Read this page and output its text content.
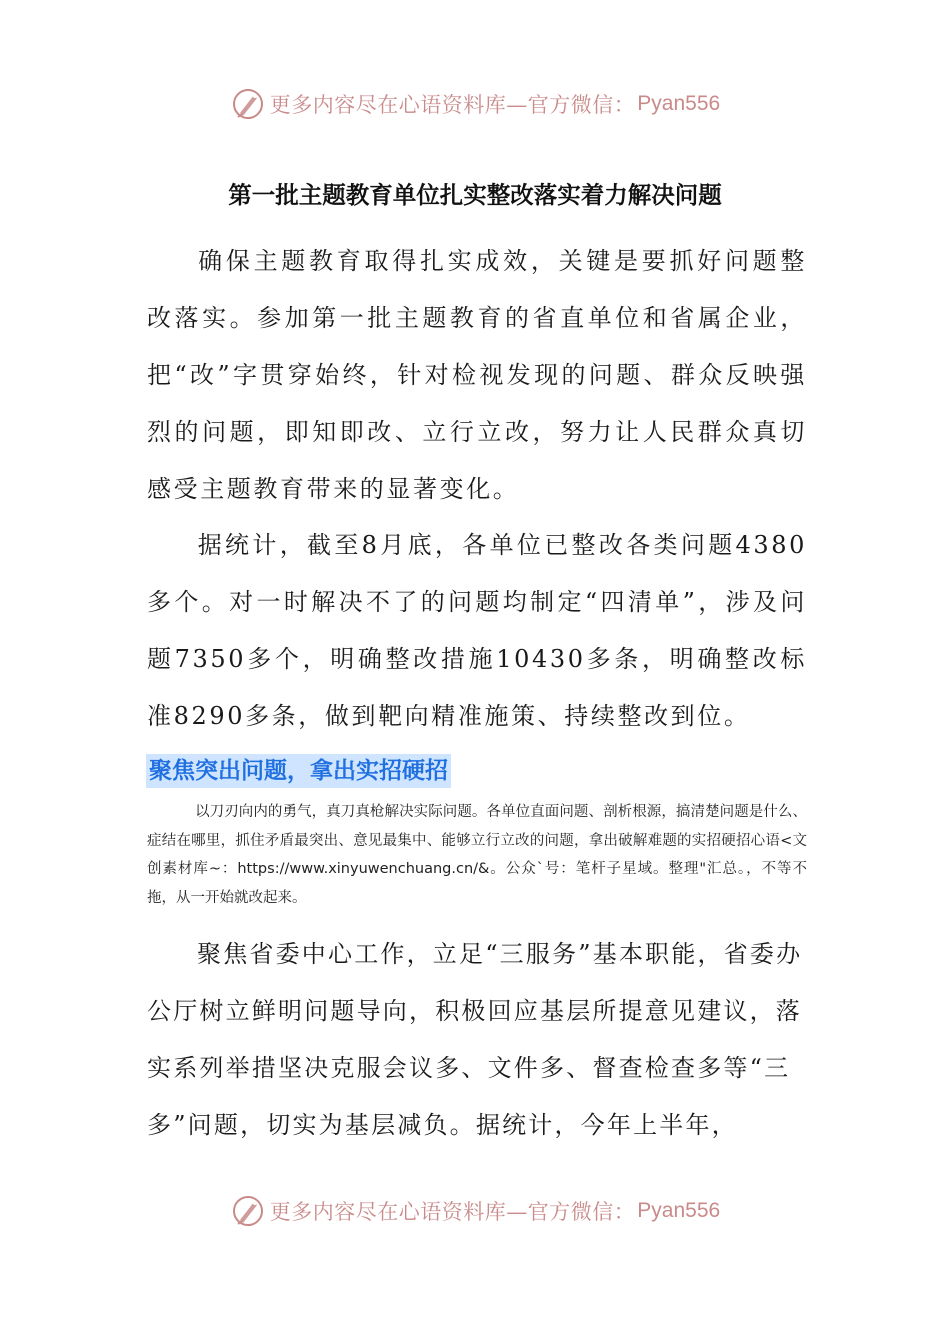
更多内容尽在心语资料库—官方微信： Pyan556
第一批主题教育单位扎实整改落实着力解决问题

确保主题教育取得扎实成效，关键是要抓好问题整改落实。参加第一批主题教育的省直单位和省属企业，把“改”字贯穿始终，针对检视发现的问题、群众反映强烈的问题，即知即改、立行立改，努力让人民群众真切感受主题教育带来的显著变化。

据统计，截至8月底，各单位已整改各类问题4380多个。对一时解决不了的问题均制定“四清单”，涉及问题7350多个，明确整改措施10430多条，明确整改标准8290多条，做到靶向精准施策、持续整改到位。

聚焦突出问题，拿出实招硬招

以刀刃向内的勇气，真刀真枪解决实际问题。各单位直面问题、剖析根源，搞清楚问题是什么、症结在哪里，抓住矛盾最突出、意见最集中、能够立行立改的问题，拿出破解难题的实招硬招心语<文创素材库~：https://www.xinyuwenchuang.cn/&。公众`号：笔杆子星域。整理"汇总。，不等不拖，从一开始就改起来。

聚焦省委中心工作，立足“三服务”基本职能，省委办公厅树立鲜明问题导向，积极回应基层所提意见建议，落实系列举措坚决克服会议多、文件多、督查检查多等“三多”问题，切实为基层减负。据统计，今年上半年，

更多内容尽在心语资料库—官方微信： Pyan556
